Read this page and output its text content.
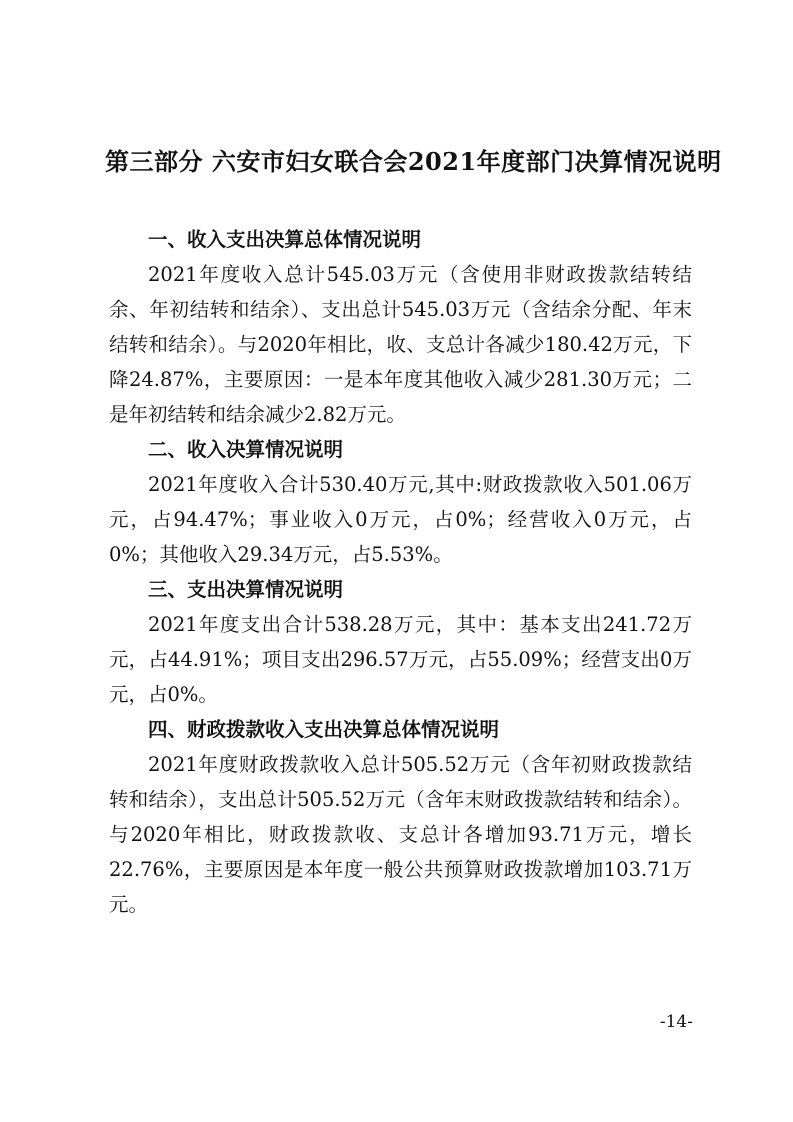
第三部分 六安市妇女联合会2021年度部门决算情况说明

一、收入支出决算总体情况说明

2021年度收入总计545.03万元（含使用非财政拨款结转结余、年初结转和结余）、支出总计545.03万元（含结余分配、年末结转和结余）。与2020年相比，收、支总计各减少180.42万元，下降24.87%，主要原因：一是本年度其他收入减少281.30万元；二是年初结转和结余减少2.82万元。

二、收入决算情况说明

2021年度收入合计530.40万元,其中:财政拨款收入501.06万元，占94.47%；事业收入0万元，占0%；经营收入0万元，占0%；其他收入29.34万元，占5.53%。

三、支出决算情况说明

2021年度支出合计538.28万元，其中：基本支出241.72万元，占44.91%；项目支出296.57万元，占55.09%；经营支出0万元，占0%。

四、财政拨款收入支出决算总体情况说明

2021年度财政拨款收入总计505.52万元（含年初财政拨款结转和结余），支出总计505.52万元（含年末财政拨款结转和结余）。与2020年相比，财政拨款收、支总计各增加93.71万元，增长22.76%，主要原因是本年度一般公共预算财政拨款增加103.71万元。

-14-
